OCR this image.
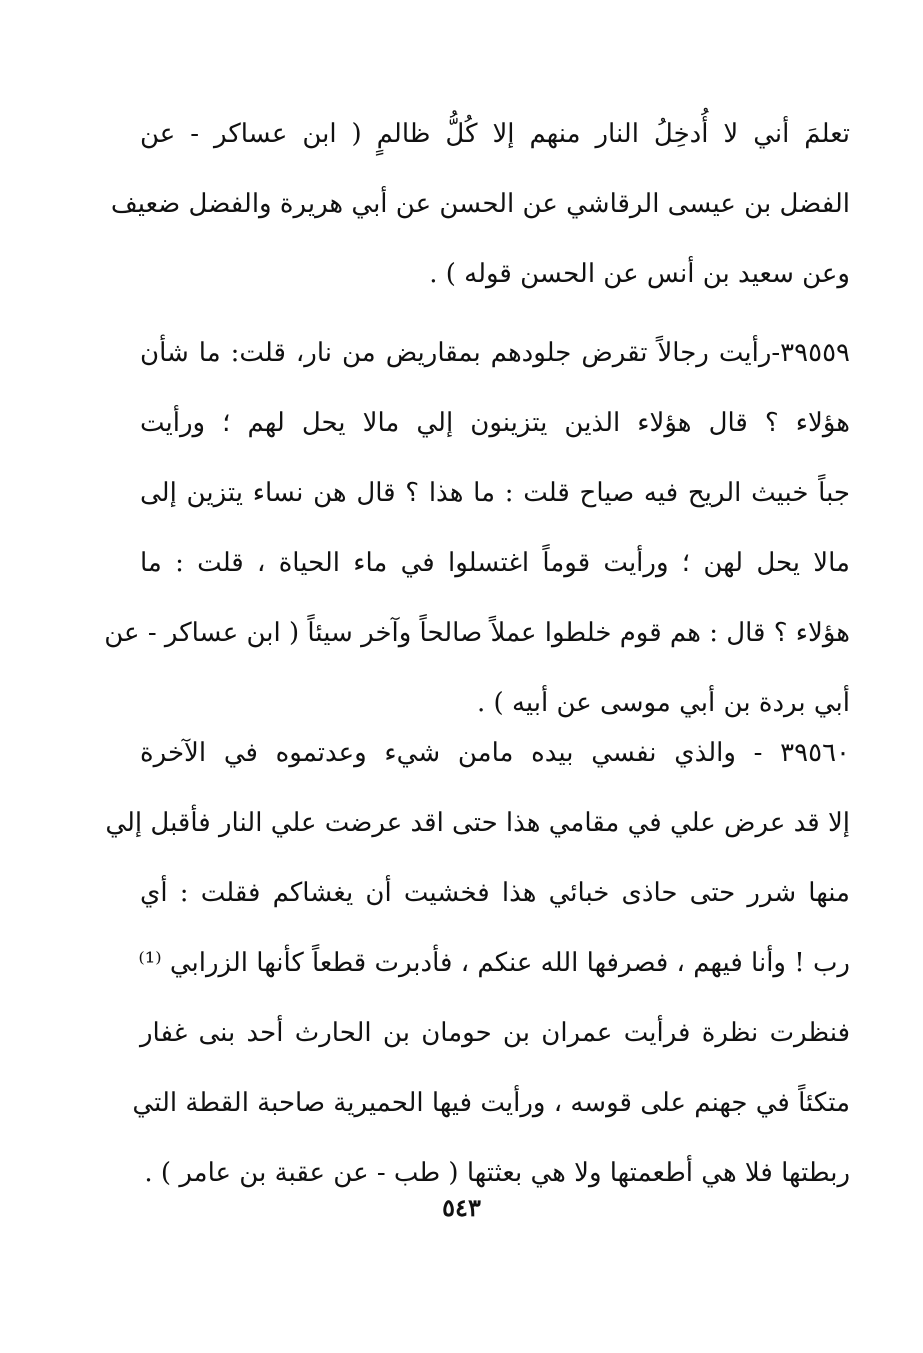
تعلمَ أني لا أُدخِلُ النار منهم إلا كُلُّ ظالمٍ ( ابن عساكر - عن
الفضل بن عيسى الرقاشي عن الحسن عن أبي هريرة والفضل ضعيف
وعن سعيد بن أنس عن الحسن قوله ) .
٣٩٥٥٩-رأيت رجالاً تقرض جلودهم بمقاريض من نار، قلت: ما شأن
هؤلاء ؟ قال هؤلاء الذين يتزينون إلي مالا يحل لهم ؛ ورأيت
جباً خبيث الريح فيه صياح قلت : ما هذا ؟ قال هن نساء يتزين إلى
مالا يحل لهن ؛ ورأيت قوماً اغتسلوا في ماء الحياة ، قلت : ما
هؤلاء ؟ قال : هم قوم خلطوا عملاً صالحاً وآخر سيئاً ( ابن عساكر - عن
أبي بردة بن أبي موسى عن أبيه ) .
٣٩٥٦٠ - والذي نفسي بيده مامن شيء وعدتموه في الآخرة
إلا قد عرض علي في مقامي هذا حتى اقد عرضت علي النار فأقبل إلي
منها شرر حتى حاذى خبائي هذا فخشيت أن يغشاكم فقلت : أي
رب ! وأنا فيهم ، فصرفها الله عنكم ، فأدبرت قطعاً كأنها الزرابي ⁽¹⁾
فنظرت نظرة فرأيت عمران بن حومان بن الحارث أحد بنى غفار
متكئاً في جهنم على قوسه ، ورأيت فيها الحميرية صاحبة القطة التي
ربطتها فلا هي أطعمتها ولا هي بعثتها ( طب - عن عقبة بن عامر ) .
٥٤٣
